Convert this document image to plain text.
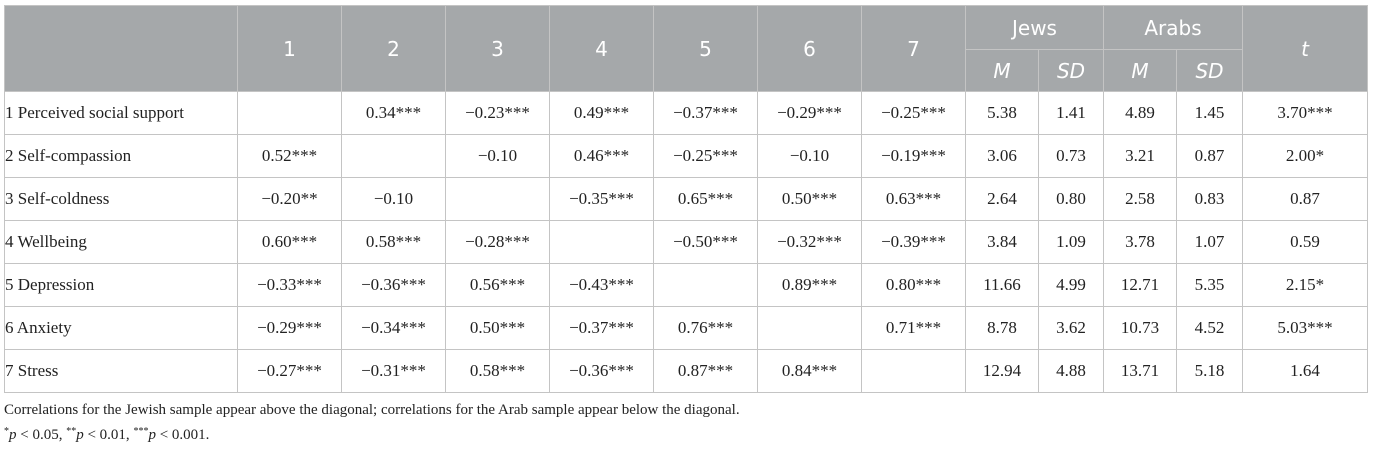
	1	2	3	4	5	6	7	Jews		Arabs		t
								M	SD	M	SD	
1 Perceived social support		0.34***	−0.23***	0.49***	−0.37***	−0.29***	−0.25***	5.38	1.41	4.89	1.45	3.70***
2 Self-compassion	0.52***		−0.10	0.46***	−0.25***	−0.10	−0.19***	3.06	0.73	3.21	0.87	2.00*
3 Self-coldness	−0.20**	−0.10		−0.35***	0.65***	0.50***	0.63***	2.64	0.80	2.58	0.83	0.87
4 Wellbeing	0.60***	0.58***	−0.28***		−0.50***	−0.32***	−0.39***	3.84	1.09	3.78	1.07	0.59
5 Depression	−0.33***	−0.36***	0.56***	−0.43***		0.89***	0.80***	11.66	4.99	12.71	5.35	2.15*
6 Anxiety	−0.29***	−0.34***	0.50***	−0.37***	0.76***		0.71***	8.78	3.62	10.73	4.52	5.03***
7 Stress	−0.27***	−0.31***	0.58***	−0.36***	0.87***	0.84***		12.94	4.88	13.71	5.18	1.64
Correlations for the Jewish sample appear above the diagonal; correlations for the Arab sample appear below the diagonal.
*p < 0.05, **p < 0.01, ***p < 0.001.
